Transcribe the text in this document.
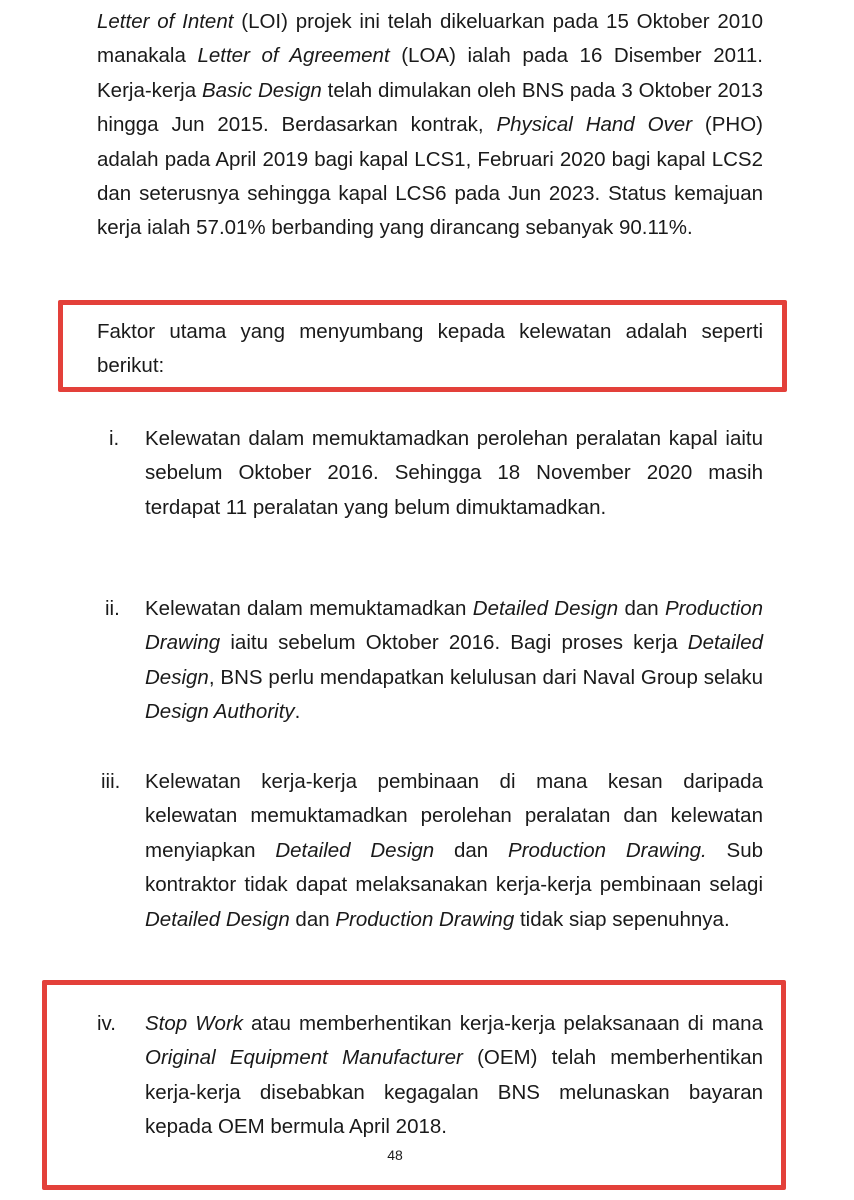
Letter of Intent (LOI) projek ini telah dikeluarkan pada 15 Oktober 2010 manakala Letter of Agreement (LOA) ialah pada 16 Disember 2011. Kerja-kerja Basic Design telah dimulakan oleh BNS pada 3 Oktober 2013 hingga Jun 2015. Berdasarkan kontrak, Physical Hand Over (PHO) adalah pada April 2019 bagi kapal LCS1, Februari 2020 bagi kapal LCS2 dan seterusnya sehingga kapal LCS6 pada Jun 2023. Status kemajuan kerja ialah 57.01% berbanding yang dirancang sebanyak 90.11%.

Faktor utama yang menyumbang kepada kelewatan adalah seperti berikut:

i.	Kelewatan dalam memuktamadkan perolehan peralatan kapal iaitu sebelum Oktober 2016. Sehingga 18 November 2020 masih terdapat 11 peralatan yang belum dimuktamadkan.
ii.	Kelewatan dalam memuktamadkan Detailed Design dan Production Drawing iaitu sebelum Oktober 2016. Bagi proses kerja Detailed Design, BNS perlu mendapatkan kelulusan dari Naval Group selaku Design Authority.
iii.	Kelewatan kerja-kerja pembinaan di mana kesan daripada kelewatan memuktamadkan perolehan peralatan dan kelewatan menyiapkan Detailed Design dan Production Drawing. Sub kontraktor tidak dapat melaksanakan kerja-kerja pembinaan selagi Detailed Design dan Production Drawing tidak siap sepenuhnya.
iv.	Stop Work atau memberhentikan kerja-kerja pelaksanaan di mana Original Equipment Manufacturer (OEM) telah memberhentikan kerja-kerja disebabkan kegagalan BNS melunaskan bayaran kepada OEM bermula April 2018.
48
